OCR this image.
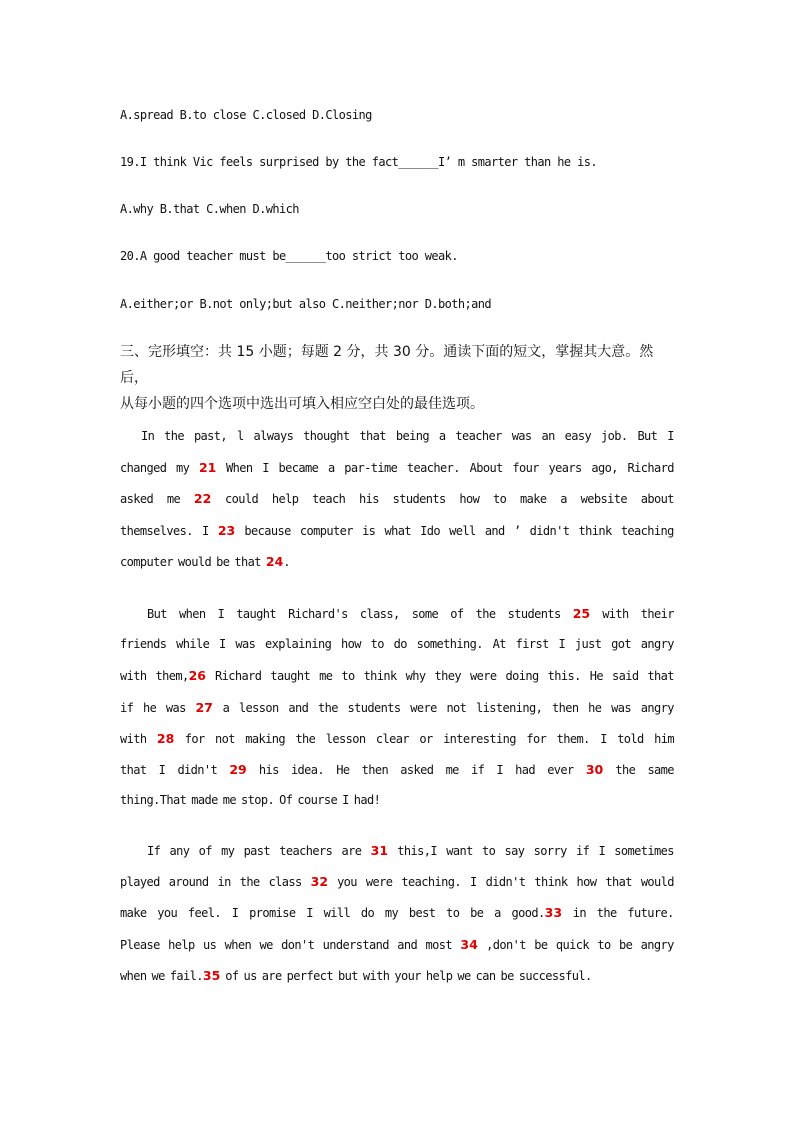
A.spread B.to close C.closed D.Closing
19.I think Vic feels surprised by the fact______I’ m smarter than he is.
A.why B.that C.when D.which
20.A good teacher must be______too strict too weak.
A.either;or B.not only;but also C.neither;nor D.both;and
三、完形填空：共 15 小题；每题 2 分，共 30 分。通读下面的短文，掌握其大意。然后，
从每小题的四个选项中选出可填入相应空白处的最佳选项。
In the past, l always thought that being a teacher was an easy job. But I
changed my 21 When I became a par-time teacher. About four years ago, Richard
asked me 22 could help teach his students how to make a website about
themselves. I 23 because computer is what Ido well and ’ didn't think teaching
computer would be that 24.
But when I taught Richard's class, some of the students 25 with their
friends while I was explaining how to do something. At first I just got angry
with them,26 Richard taught me to think why they were doing this. He said that
if he was 27 a lesson and the students were not listening, then he was angry
with 28 for not making the lesson clear or interesting for them. I told him
that I didn't 29 his idea. He then asked me if I had ever 30 the same
thing.That made me stop. Of course I had!
If any of my past teachers are 31 this,I want to say sorry if I sometimes
played around in the class 32 you were teaching. I didn't think how that would
make you feel. I promise I will do my best to be a good.33 in the future.
Please help us when we don't understand and most 34 ,don't be quick to be angry
when we fail.35 of us are perfect but with your help we can be successful.
